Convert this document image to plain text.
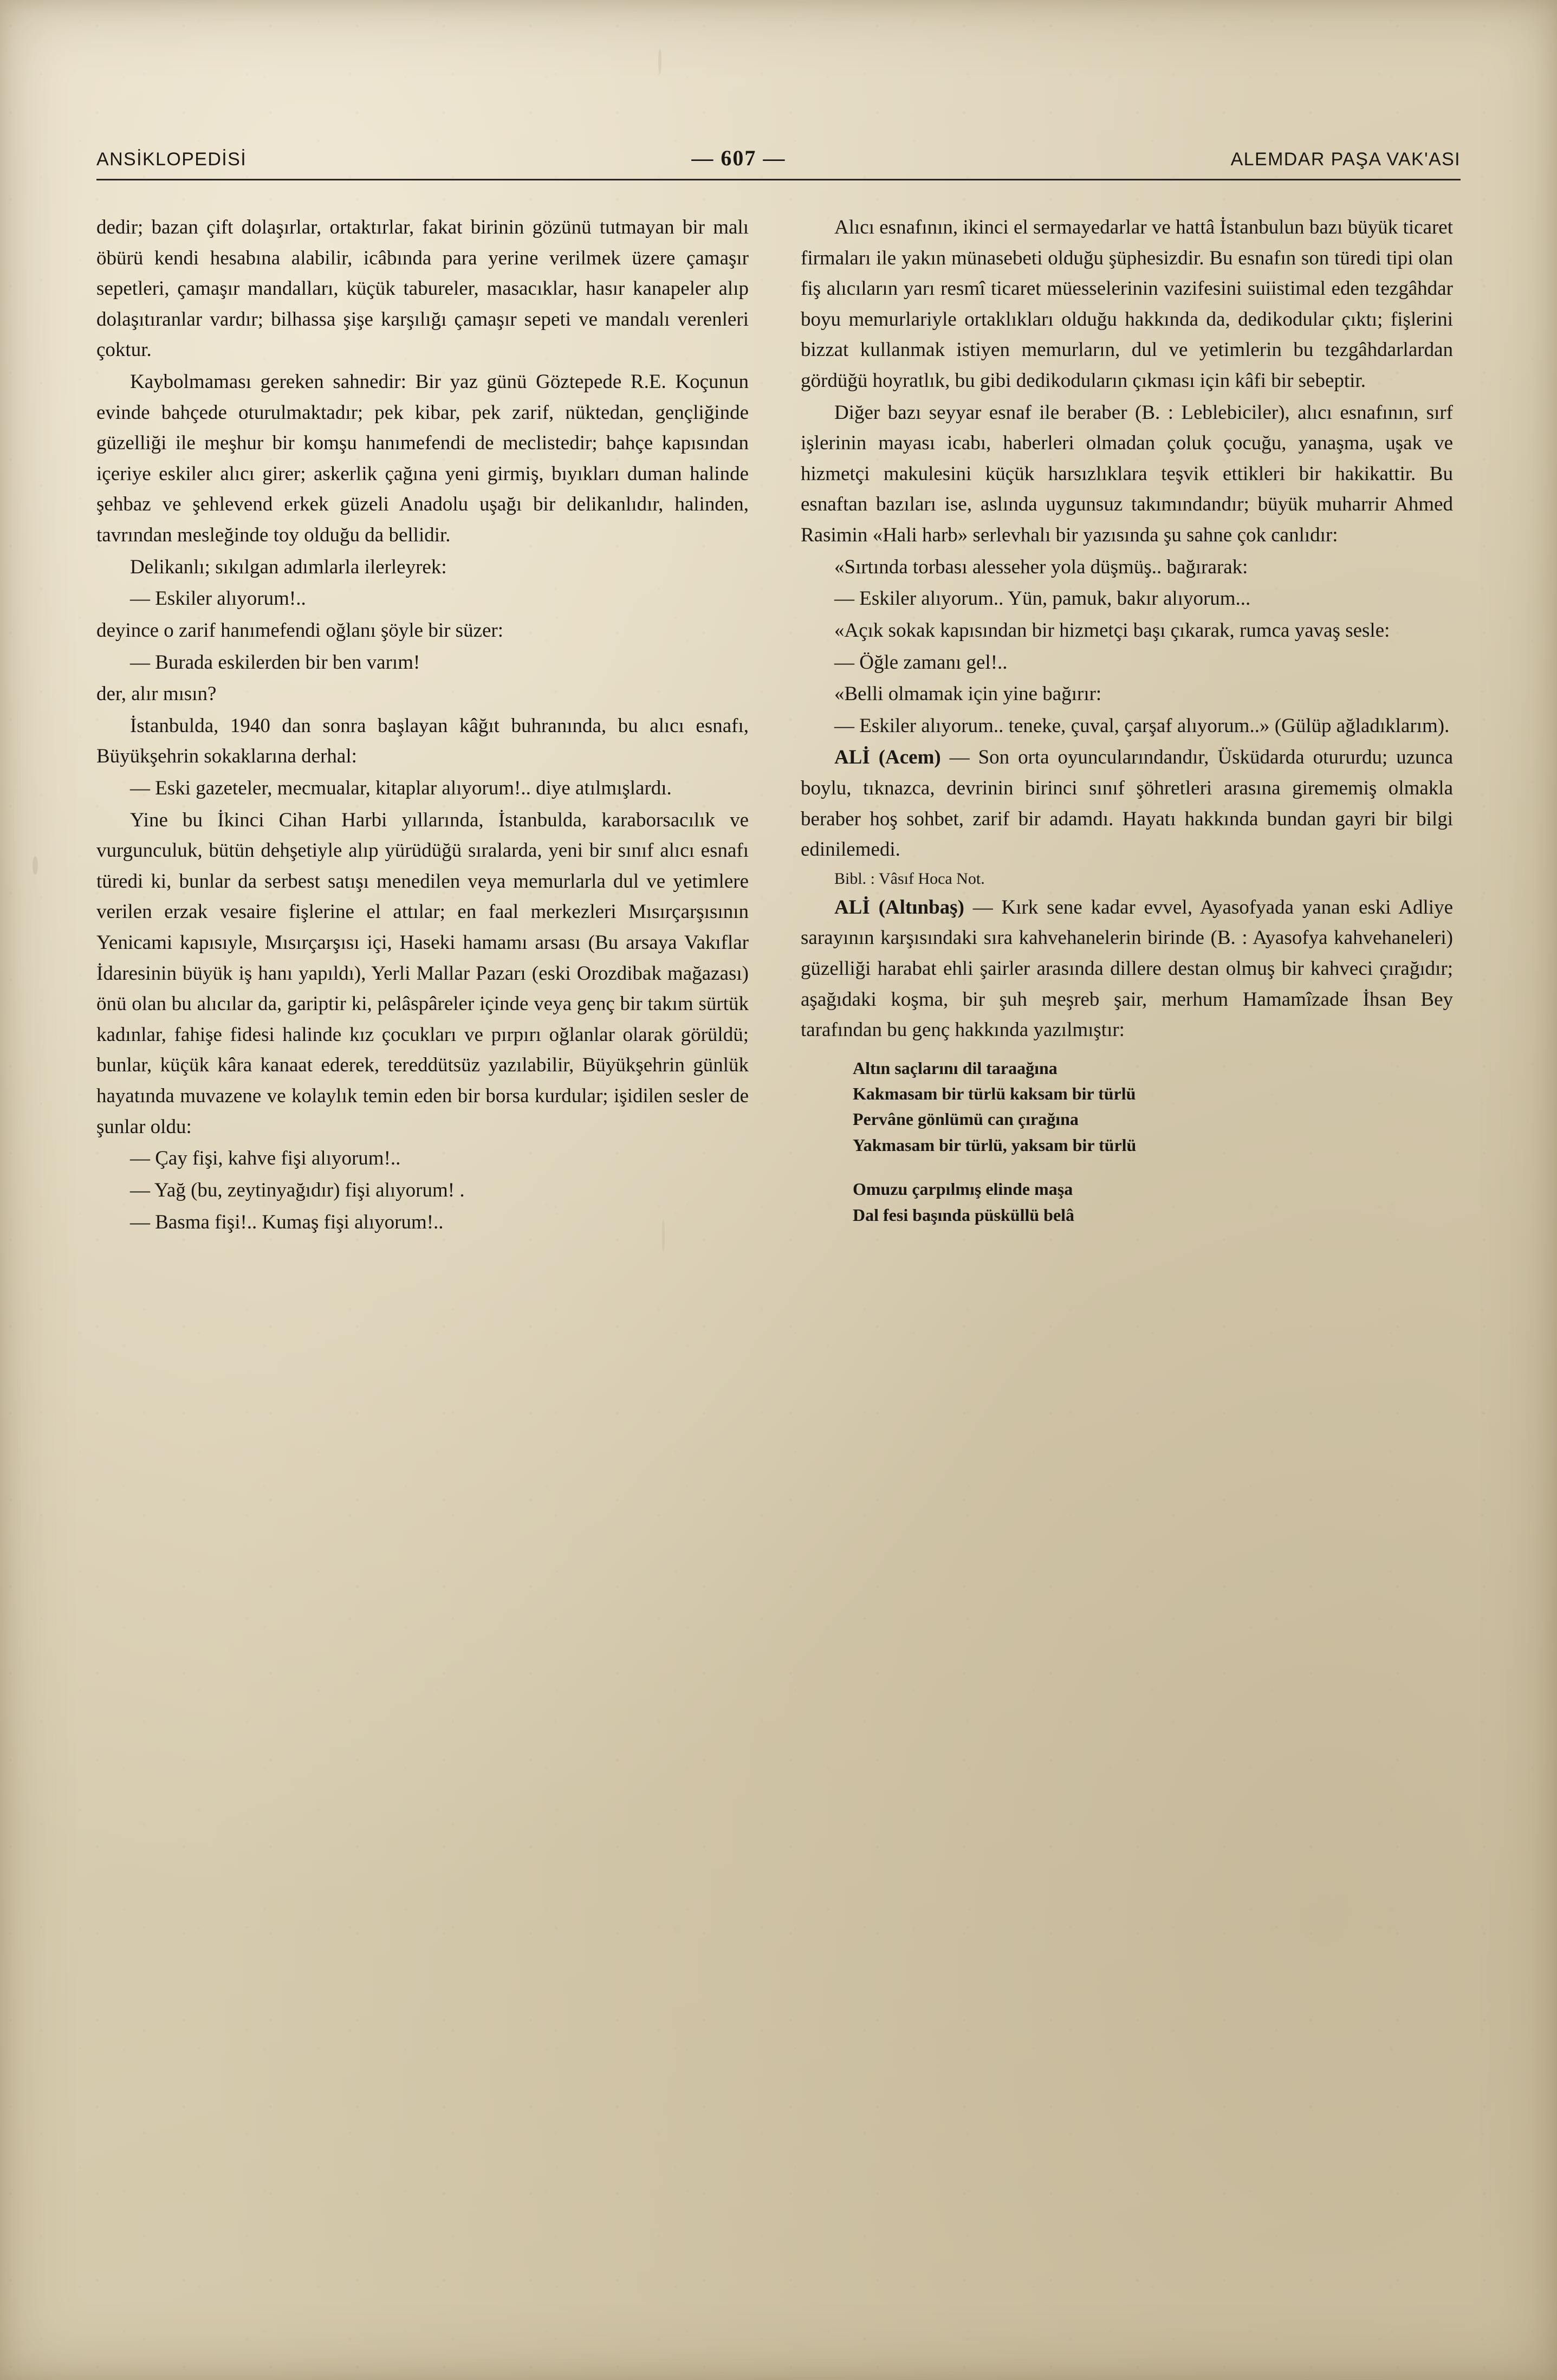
ANSİKLOPEDİSİ	— 607 —	ALEMDAR PAŞA VAK'ASI

dedir; bazan çift dolaşırlar, ortaktırlar, fakat birinin gözünü tutmayan bir malı öbürü kendi hesabına alabilir, icâbında para yerine verilmek üzere çamaşır sepetleri, çamaşır mandalları, küçük tabureler, masacıklar, hasır kanapeler alıp dolaşıtıranlar vardır; bilhassa şişe karşılığı çamaşır sepeti ve mandalı verenleri çoktur.

Kaybolmaması gereken sahnedir: Bir yaz günü Göztepede R.E. Koçunun evinde bahçede oturulmaktadır; pek kibar, pek zarif, nüktedan, gençliğinde güzelliği ile meşhur bir komşu hanımefendi de meclistedir; bahçe kapısından içeriye eskiler alıcı girer; askerlik çağına yeni girmiş, bıyıkları duman halinde şehbaz ve şehlevend erkek güzeli Anadolu uşağı bir delikanlıdır, halinden, tavrından mesleğinde toy olduğu da bellidir.

Delikanlı; sıkılgan adımlarla ilerleyrek:

— Eskiler alıyorum!..

deyince o zarif hanımefendi oğlanı şöyle bir süzer:

— Burada eskilerden bir ben varım!

der, alır mısın?

İstanbulda, 1940 dan sonra başlayan kâğıt buhranında, bu alıcı esnafı, Büyükşehrin sokaklarına derhal:

— Eski gazeteler, mecmualar, kitaplar alıyorum!.. diye atılmışlardı.

Yine bu İkinci Cihan Harbi yıllarında, İstanbulda, karaborsacılık ve vurgunculuk, bütün dehşetiyle alıp yürüdüğü sıralarda, yeni bir sınıf alıcı esnafı türedi ki, bunlar da serbest satışı menedilen veya memurlarla dul ve yetimlere verilen erzak vesaire fişlerine el attılar; en faal merkezleri Mısırçarşısının Yenicami kapısıyle, Mısırçarşısı içi, Haseki hamamı arsası (Bu arsaya Vakıflar İdaresinin büyük iş hanı yapıldı), Yerli Mallar Pazarı (eski Orozdibak mağazası) önü olan bu alıcılar da, gariptir ki, pelâspâreler içinde veya genç bir takım sürtük kadınlar, fahişe fidesi halinde kız çocukları ve pırpırı oğlanlar olarak görüldü; bunlar, küçük kâra kanaat ederek, tereddütsüz yazılabilir, Büyükşehrin günlük hayatında muvazene ve kolaylık temin eden bir borsa kurdular; işidilen sesler de şunlar oldu:

— Çay fişi, kahve fişi alıyorum!..

— Yağ (bu, zeytinyağıdır) fişi alıyorum! .

— Basma fişi!.. Kumaş fişi alıyorum!..

Alıcı esnafının, ikinci el sermayedarlar ve hattâ İstanbulun bazı büyük ticaret firmaları ile yakın münasebeti olduğu şüphesizdir. Bu esnafın son türedi tipi olan fiş alıcıların yarı resmî ticaret müesselerinin vazifesini suiistimal eden tezgâhdar boyu memurlariyle ortaklıkları olduğu hakkında da, dedikodular çıktı; fişlerini bizzat kullanmak istiyen memurların, dul ve yetimlerin bu tezgâhdarlardan gördüğü hoyratlık, bu gibi dedikoduların çıkması için kâfi bir sebeptir.

Diğer bazı seyyar esnaf ile beraber (B. : Leblebiciler), alıcı esnafının, sırf işlerinin mayası icabı, haberleri olmadan çoluk çocuğu, yanaşma, uşak ve hizmetçi makulesini küçük harsızlıklara teşvik ettikleri bir hakikattir. Bu esnaftan bazıları ise, aslında uygunsuz takımındandır; büyük muharrir Ahmed Rasimin «Hali harb» serlevhalı bir yazısında şu sahne çok canlıdır:

«Sırtında torbası alesseher yola düşmüş.. bağırarak:

— Eskiler alıyorum.. Yün, pamuk, bakır alıyorum...

«Açık sokak kapısından bir hizmetçi başı çıkarak, rumca yavaş sesle:

— Öğle zamanı gel!..

«Belli olmamak için yine bağırır:

— Eskiler alıyorum.. teneke, çuval, çarşaf alıyorum..» (Gülüp ağladıklarım).

ALİ (Acem) — Son orta oyuncularındandır, Üsküdarda otururdu; uzunca boylu, tıknazca, devrinin birinci sınıf şöhretleri arasına girememiş olmakla beraber hoş sohbet, zarif bir adamdı. Hayatı hakkında bundan gayri bir bilgi edinilemedi.

Bibl. : Vâsıf Hoca Not.

ALİ (Altınbaş) — Kırk sene kadar evvel, Ayasofyada yanan eski Adliye sarayının karşısındaki sıra kahvehanelerin birinde (B. : Ayasofya kahvehaneleri) güzelliği harabat ehli şairler arasında dillere destan olmuş bir kahveci çırağıdır; aşağıdaki koşma, bir şuh meşreb şair, merhum Hamamîzade İhsan Bey tarafından bu genç hakkında yazılmıştır:

Altın saçlarını dil taraağına
Kakmasam bir türlü kaksam bir türlü
Pervâne gönlümü can çırağına
Yakmasam bir türlü, yaksam bir türlü
Omuzu çarpılmış elinde maşa
Dal fesi başında püsküllü belâ
